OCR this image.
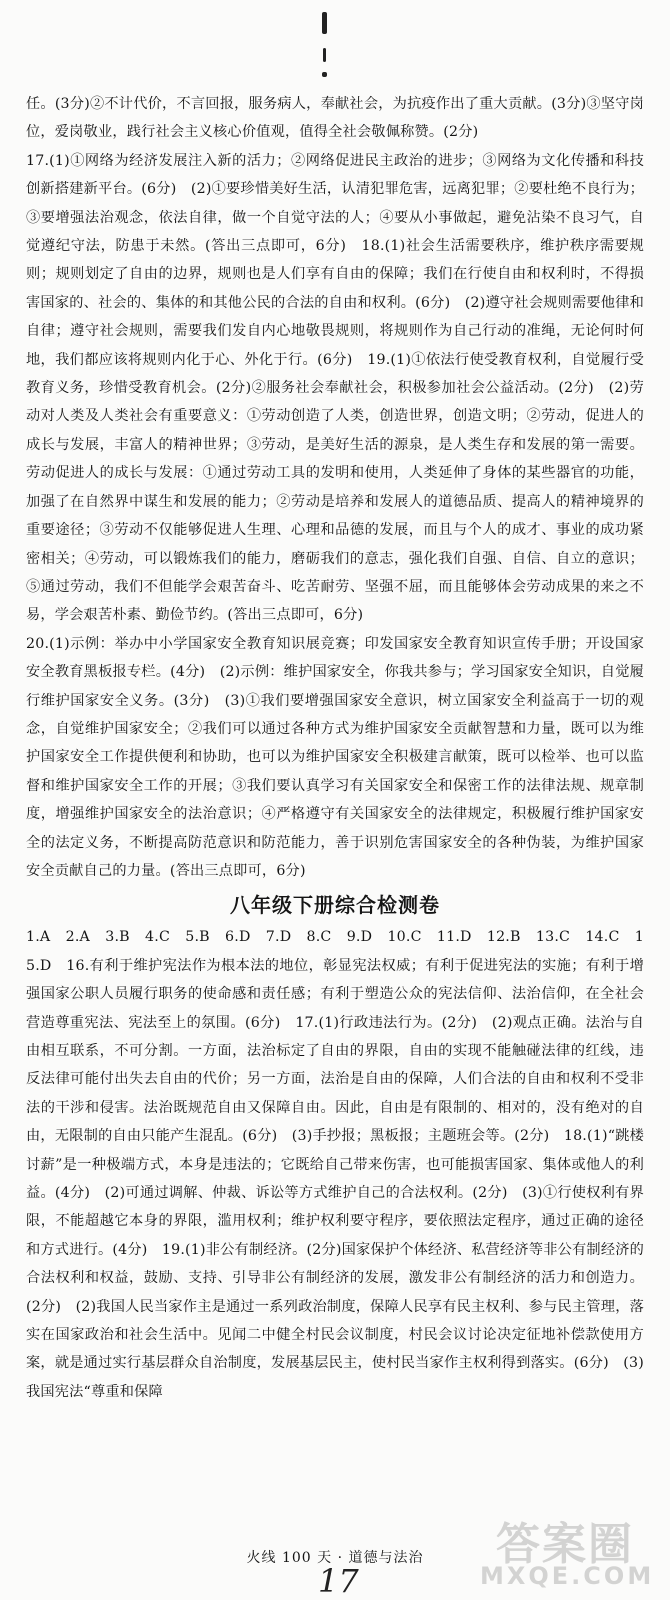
任。(3分)②不计代价，不言回报，服务病人，奉献社会，为抗疫作出了重大贡献。(3分)③坚守岗位，爱岗敬业，践行社会主义核心价值观，值得全社会敬佩称赞。(2分)

17.(1)①网络为经济发展注入新的活力；②网络促进民主政治的进步；③网络为文化传播和科技创新搭建新平台。(6分)　(2)①要珍惜美好生活，认清犯罪危害，远离犯罪；②要杜绝不良行为；③要增强法治观念，依法自律，做一个自觉守法的人；④要从小事做起，避免沾染不良习气，自觉遵纪守法，防患于未然。(答出三点即可，6分)　18.(1)社会生活需要秩序，维护秩序需要规则；规则划定了自由的边界，规则也是人们享有自由的保障；我们在行使自由和权利时，不得损害国家的、社会的、集体的和其他公民的合法的自由和权利。(6分)　(2)遵守社会规则需要他律和自律；遵守社会规则，需要我们发自内心地敬畏规则，将规则作为自己行动的准绳，无论何时何地，我们都应该将规则内化于心、外化于行。(6分)　19.(1)①依法行使受教育权利，自觉履行受教育义务，珍惜受教育机会。(2分)②服务社会奉献社会，积极参加社会公益活动。(2分)　(2)劳动对人类及人类社会有重要意义：①劳动创造了人类，创造世界，创造文明；②劳动，促进人的成长与发展，丰富人的精神世界；③劳动，是美好生活的源泉，是人类生存和发展的第一需要。劳动促进人的成长与发展：①通过劳动工具的发明和使用，人类延伸了身体的某些器官的功能，加强了在自然界中谋生和发展的能力；②劳动是培养和发展人的道德品质、提高人的精神境界的重要途径；③劳动不仅能够促进人生理、心理和品德的发展，而且与个人的成才、事业的成功紧密相关；④劳动，可以锻炼我们的能力，磨砺我们的意志，强化我们自强、自信、自立的意识；⑤通过劳动，我们不但能学会艰苦奋斗、吃苦耐劳、坚强不屈，而且能够体会劳动成果的来之不易，学会艰苦朴素、勤俭节约。(答出三点即可，6分)

20.(1)示例：举办中小学国家安全教育知识展竞赛；印发国家安全教育知识宣传手册；开设国家安全教育黑板报专栏。(4分)　(2)示例：维护国家安全，你我共参与；学习国家安全知识，自觉履行维护国家安全义务。(3分)　(3)①我们要增强国家安全意识，树立国家安全利益高于一切的观念，自觉维护国家安全；②我们可以通过各种方式为维护国家安全贡献智慧和力量，既可以为维护国家安全工作提供便利和协助，也可以为维护国家安全积极建言献策，既可以检举、也可以监督和维护国家安全工作的开展；③我们要认真学习有关国家安全和保密工作的法律法规、规章制度，增强维护国家安全的法治意识；④严格遵守有关国家安全的法律规定，积极履行维护国家安全的法定义务，不断提高防范意识和防范能力，善于识别危害国家安全的各种伪装，为维护国家安全贡献自己的力量。(答出三点即可，6分)

八年级下册综合检测卷

1.A　2.A　3.B　4.C　5.B　6.D　7.D　8.C　9.D　10.C　11.D　12.B　13.C　14.C　15.D　16.有利于维护宪法作为根本法的地位，彰显宪法权威；有利于促进宪法的实施；有利于增强国家公职人员履行职务的使命感和责任感；有利于塑造公众的宪法信仰、法治信仰，在全社会营造尊重宪法、宪法至上的氛围。(6分)　17.(1)行政违法行为。(2分)　(2)观点正确。法治与自由相互联系，不可分割。一方面，法治标定了自由的界限，自由的实现不能触碰法律的红线，违反法律可能付出失去自由的代价；另一方面，法治是自由的保障，人们合法的自由和权利不受非法的干涉和侵害。法治既规范自由又保障自由。因此，自由是有限制的、相对的，没有绝对的自由，无限制的自由只能产生混乱。(6分)　(3)手抄报；黑板报；主题班会等。(2分)　18.(1)“跳楼讨薪”是一种极端方式，本身是违法的；它既给自己带来伤害，也可能损害国家、集体或他人的利益。(4分)　(2)可通过调解、仲裁、诉讼等方式维护自己的合法权利。(2分)　(3)①行使权利有界限，不能超越它本身的界限，滥用权利；维护权利要守程序，要依照法定程序，通过正确的途径和方式进行。(4分)　19.(1)非公有制经济。(2分)国家保护个体经济、私营经济等非公有制经济的合法权利和权益，鼓励、支持、引导非公有制经济的发展，激发非公有制经济的活力和创造力。(2分)　(2)我国人民当家作主是通过一系列政治制度，保障人民享有民主权利、参与民主管理，落实在国家政治和社会生活中。见闻二中健全村民会议制度，村民会议讨论决定征地补偿款使用方案，就是通过实行基层群众自治制度，发展基层民主，使村民当家作主权利得到落实。(6分)　(3)我国宪法“尊重和保障

火线 100 天 · 道德与法治
17
答案圈
MXQE.COM
